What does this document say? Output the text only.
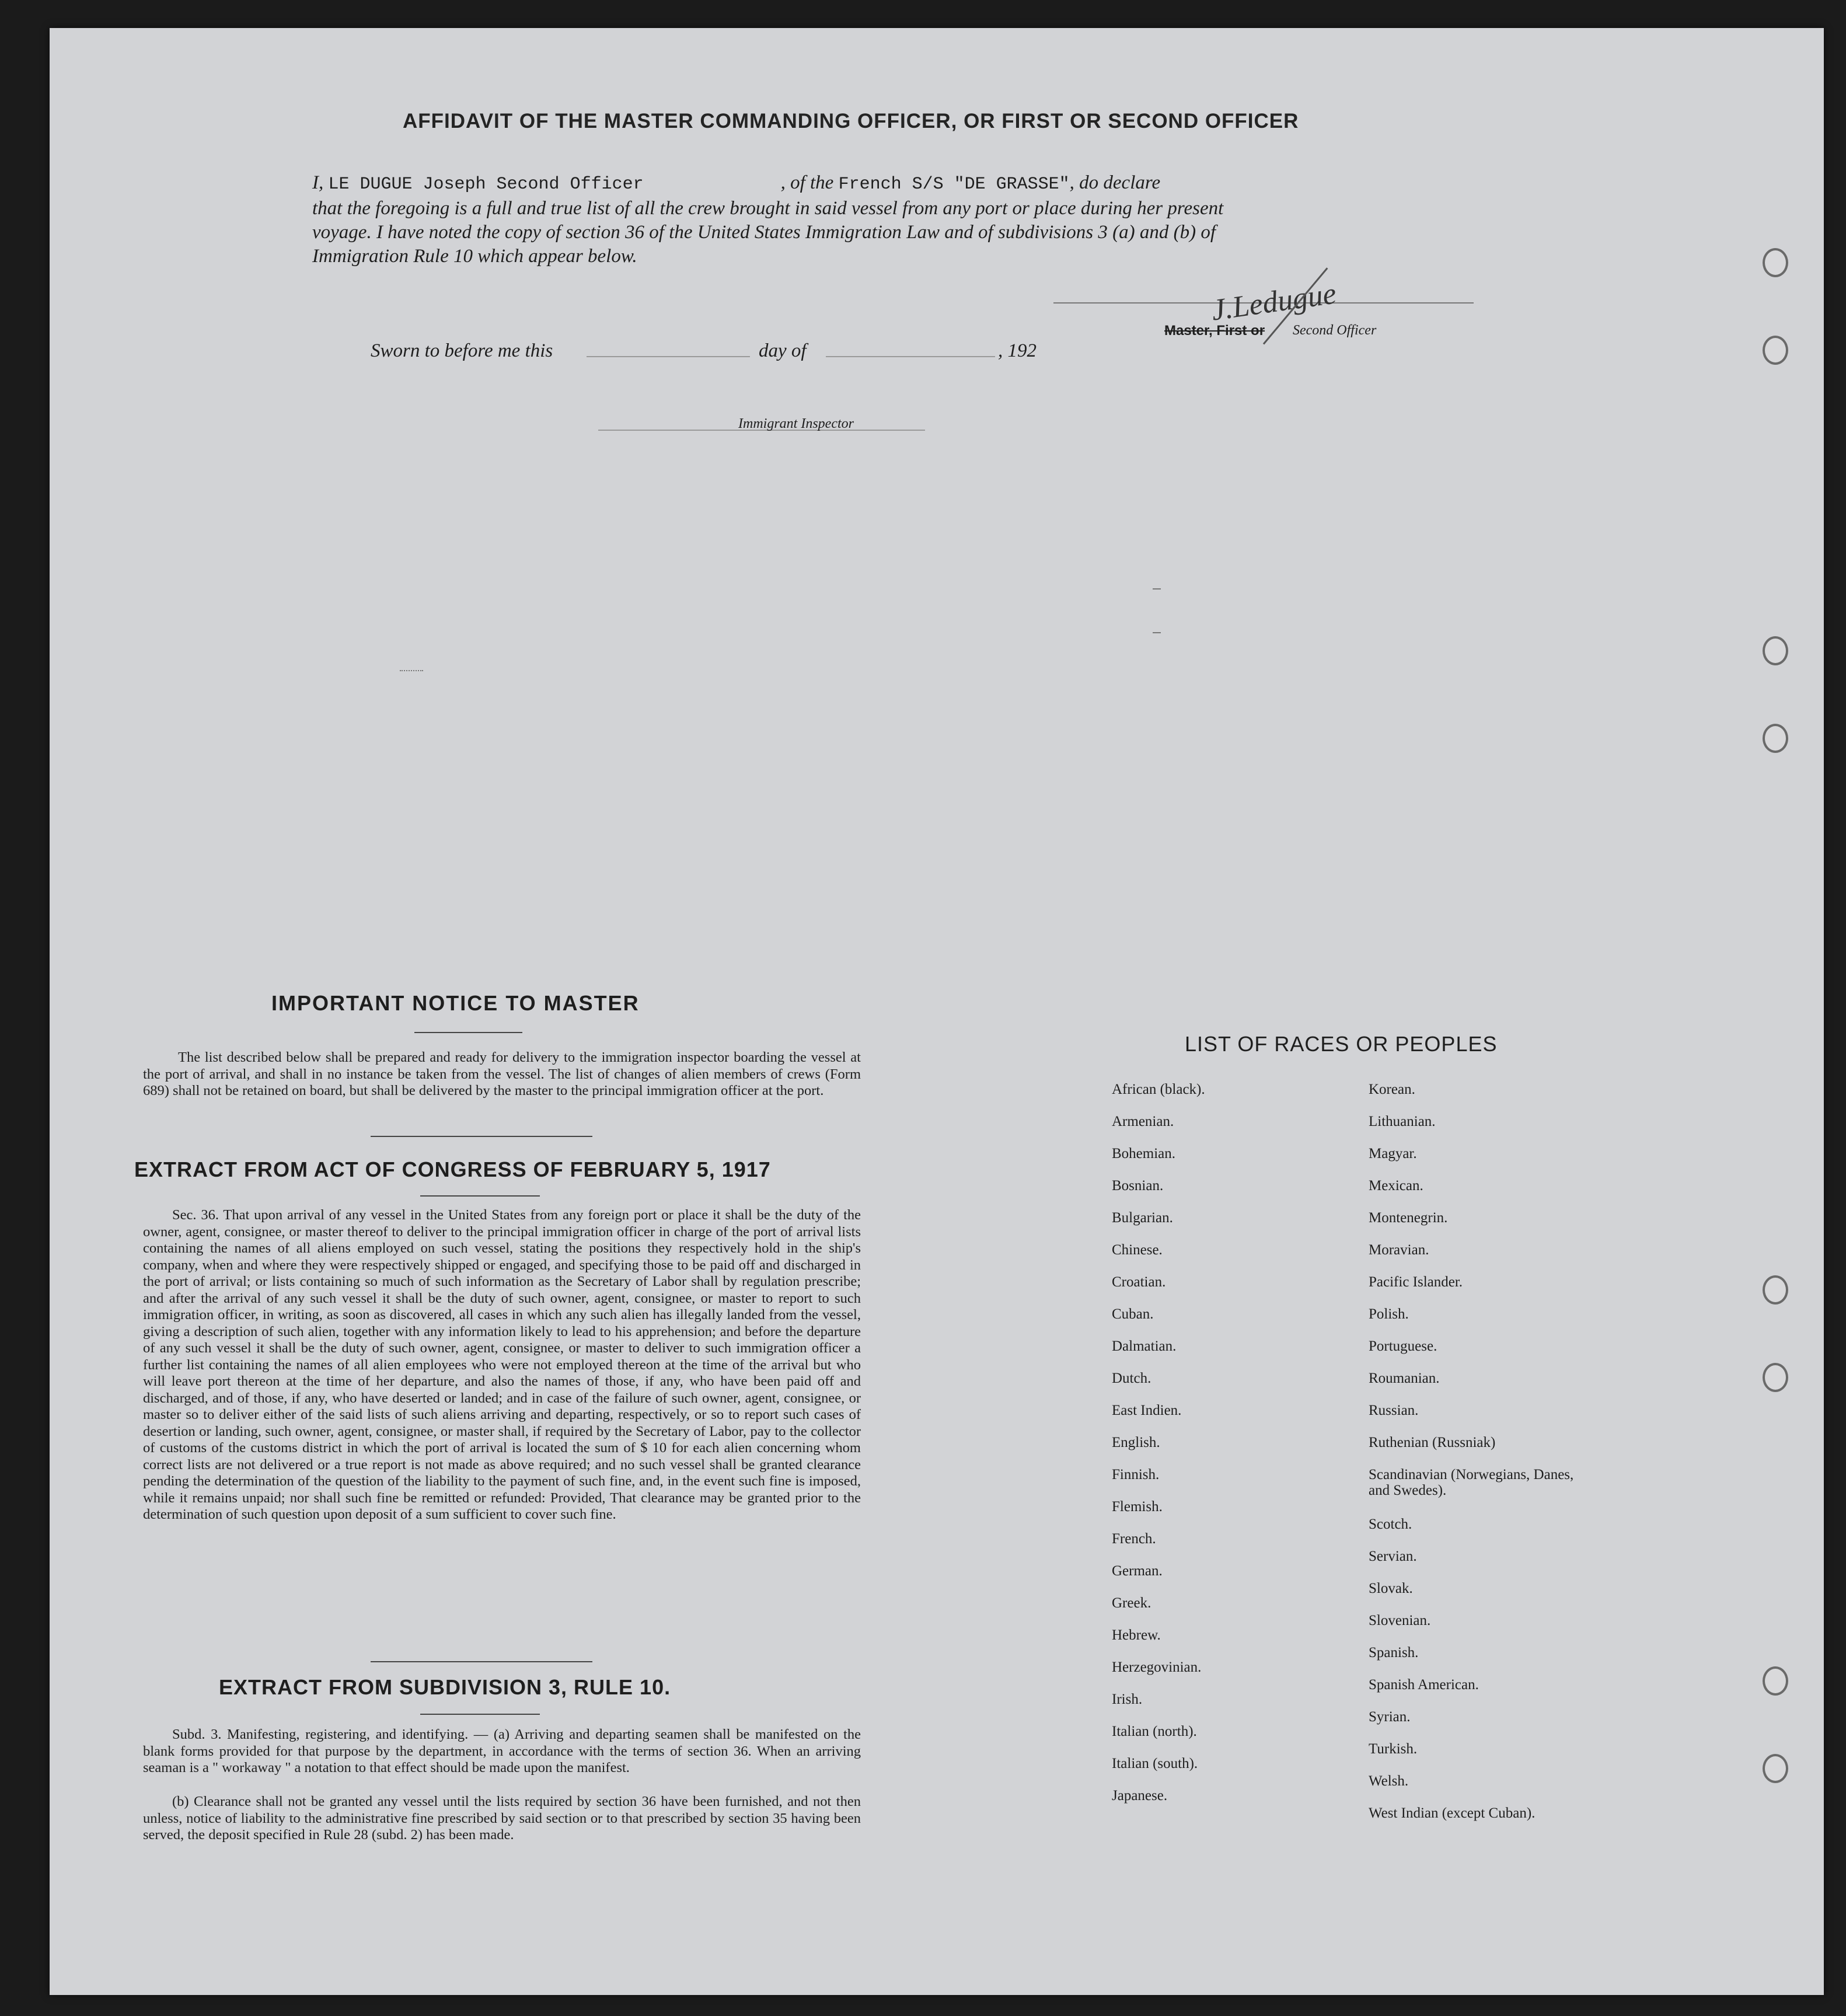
AFFIDAVIT OF THE MASTER COMMANDING OFFICER, OR FIRST OR SECOND OFFICER
I, LE DUGUE Joseph Second Officer	, of the French S/S "DE GRASSE", do declare
that the foregoing is a full and true list of all the crew brought in said vessel from any port or place during her present
voyage. I have noted the copy of section 36 of the United States Immigration Law and of subdivisions 3 (a) and (b) of
Immigration Rule 10 which appear below.
J.Ledugue
Master, First or Second Officer
Sworn to before me this	day of	, 192
Immigrant Inspector
IMPORTANT NOTICE TO MASTER
The list described below shall be prepared and ready for delivery to the immigration inspector boarding the vessel at the port of arrival, and shall in no instance be taken from the vessel. The list of changes of alien members of crews (Form 689) shall not be retained on board, but shall be delivered by the master to the principal immigration officer at the port.
EXTRACT FROM ACT OF CONGRESS OF FEBRUARY 5, 1917
Sec. 36. That upon arrival of any vessel in the United States from any foreign port or place it shall be the duty of the owner, agent, consignee, or master thereof to deliver to the principal immigration officer in charge of the port of arrival lists containing the names of all aliens employed on such vessel, stating the positions they respectively hold in the ship's company, when and where they were respectively shipped or engaged, and specifying those to be paid off and discharged in the port of arrival; or lists containing so much of such information as the Secretary of Labor shall by regulation prescribe; and after the arrival of any such vessel it shall be the duty of such owner, agent, consignee, or master to report to such immigration officer, in writing, as soon as discovered, all cases in which any such alien has illegally landed from the vessel, giving a description of such alien, together with any information likely to lead to his apprehension; and before the departure of any such vessel it shall be the duty of such owner, agent, consignee, or master to deliver to such immigration officer a further list containing the names of all alien employees who were not employed thereon at the time of the arrival but who will leave port thereon at the time of her departure, and also the names of those, if any, who have been paid off and discharged, and of those, if any, who have deserted or landed; and in case of the failure of such owner, agent, consignee, or master so to deliver either of the said lists of such aliens arriving and departing, respectively, or so to report such cases of desertion or landing, such owner, agent, consignee, or master shall, if required by the Secretary of Labor, pay to the collector of customs of the customs district in which the port of arrival is located the sum of $ 10 for each alien concerning whom correct lists are not delivered or a true report is not made as above required; and no such vessel shall be granted clearance pending the determination of the question of the liability to the payment of such fine, and, in the event such fine is imposed, while it remains unpaid; nor shall such fine be remitted or refunded: Provided, That clearance may be granted prior to the determination of such question upon deposit of a sum sufficient to cover such fine.
EXTRACT FROM SUBDIVISION 3, RULE 10.
Subd. 3. Manifesting, registering, and identifying. — (a) Arriving and departing seamen shall be manifested on the blank forms provided for that purpose by the department, in accordance with the terms of section 36. When an arriving seaman is a " workaway " a notation to that effect should be made upon the manifest.
(b) Clearance shall not be granted any vessel until the lists required by section 36 have been furnished, and not then unless, notice of liability to the administrative fine prescribed by said section or to that prescribed by section 35 having been served, the deposit specified in Rule 28 (subd. 2) has been made.
LIST OF RACES OR PEOPLES
African (black).
Armenian.
Bohemian.
Bosnian.
Bulgarian.
Chinese.
Croatian.
Cuban.
Dalmatian.
Dutch.
East Indien.
English.
Finnish.
Flemish.
French.
German.
Greek.
Hebrew.
Herzegovinian.
Irish.
Italian (north).
Italian (south).
Japanese.
Korean.
Lithuanian.
Magyar.
Mexican.
Montenegrin.
Moravian.
Pacific Islander.
Polish.
Portuguese.
Roumanian.
Russian.
Ruthenian (Russniak)
Scandinavian (Norwegians, Danes, and Swedes).
Scotch.
Servian.
Slovak.
Slovenian.
Spanish.
Spanish American.
Syrian.
Turkish.
Welsh.
West Indian (except Cuban).
